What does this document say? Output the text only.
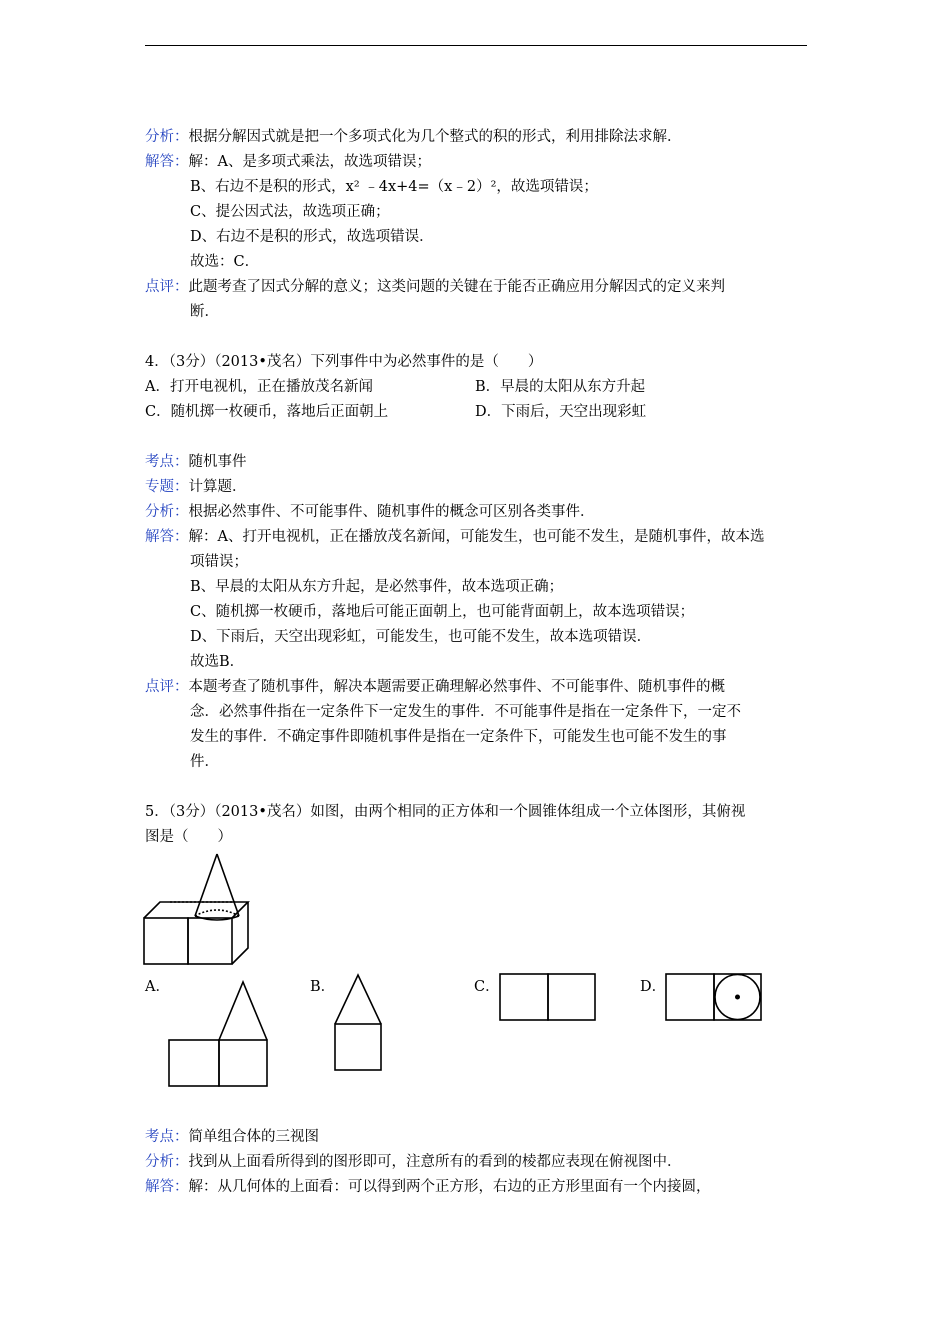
分析：根据分解因式就是把一个多项式化为几个整式的积的形式，利用排除法求解．
解答：解：A、是多项式乘法，故选项错误；
B、右边不是积的形式，x² ﹣4x+4=（x﹣2）²，故选项错误；
C、提公因式法，故选项正确；
D、右边不是积的形式，故选项错误．
故选：C．
点评：此题考查了因式分解的意义；这类问题的关键在于能否正确应用分解因式的定义来判
断．
4．（3分）（2013•茂名）下列事件中为必然事件的是（　　）
A．打开电视机，正在播放茂名新闻	B．早晨的太阳从东方升起
C．随机掷一枚硬币，落地后正面朝上	D．下雨后，天空出现彩虹
考点：随机事件
专题：计算题．
分析：根据必然事件、不可能事件、随机事件的概念可区别各类事件．
解答：解：A、打开电视机，正在播放茂名新闻，可能发生，也可能不发生，是随机事件，故本选
项错误；
B、早晨的太阳从东方升起，是必然事件，故本选项正确；
C、随机掷一枚硬币，落地后可能正面朝上，也可能背面朝上，故本选项错误；
D、下雨后，天空出现彩虹，可能发生，也可能不发生，故本选项错误．
故选B．
点评：本题考查了随机事件，解决本题需要正确理解必然事件、不可能事件、随机事件的概
念．必然事件指在一定条件下一定发生的事件．不可能事件是指在一定条件下，一定不
发生的事件．不确定事件即随机事件是指在一定条件下，可能发生也可能不发生的事
件．
5．（3分）（2013•茂名）如图，由两个相同的正方体和一个圆锥体组成一个立体图形，其俯视
图是（　　）
A．	B．	C．	D．
考点：简单组合体的三视图
分析：找到从上面看所得到的图形即可，注意所有的看到的棱都应表现在俯视图中．
解答：解：从几何体的上面看：可以得到两个正方形，右边的正方形里面有一个内接圆，
